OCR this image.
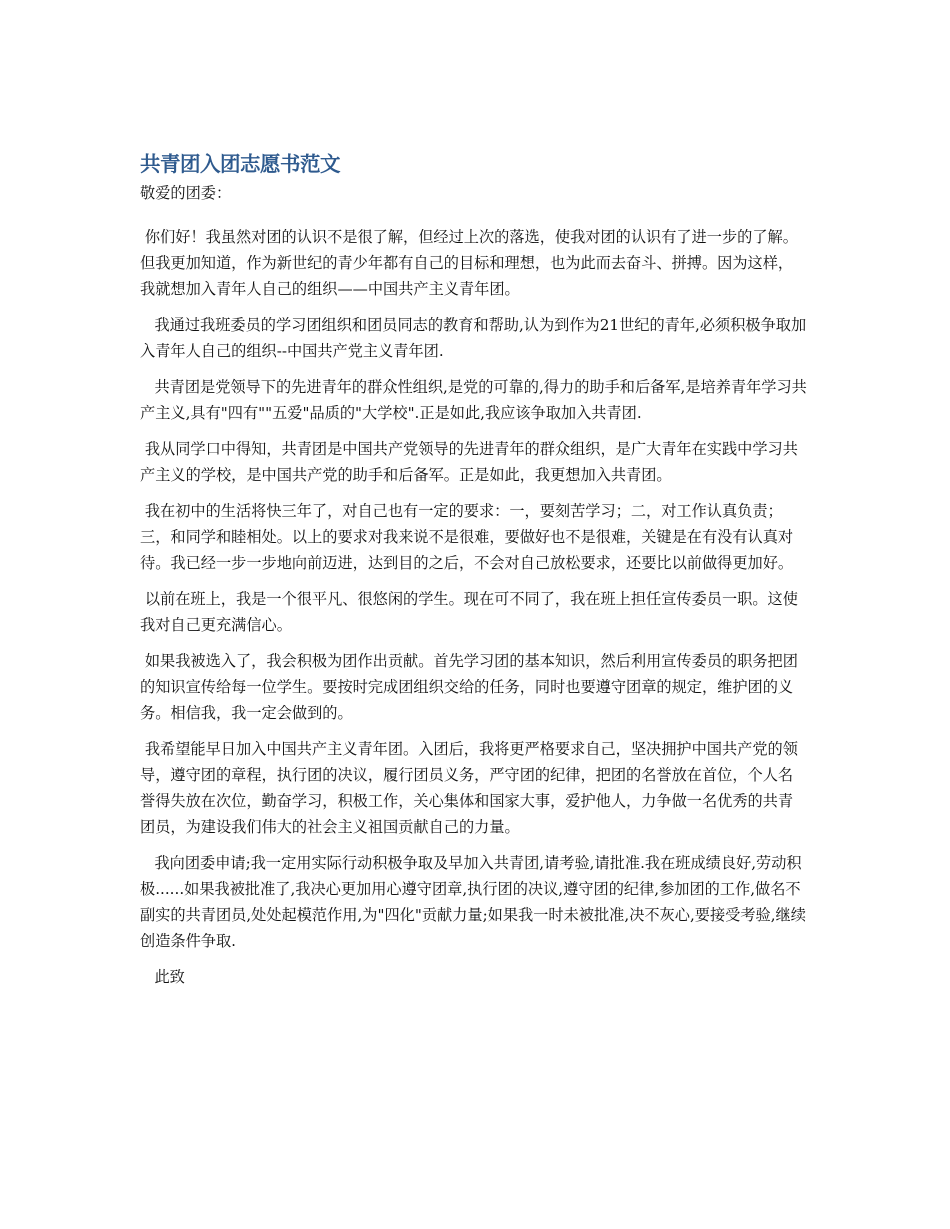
共青团入团志愿书范文
敬爱的团委：

你们好！我虽然对团的认识不是很了解，但经过上次的落选，使我对团的认识有了进一步的了解。但我更加知道，作为新世纪的青少年都有自己的目标和理想，也为此而去奋斗、拼搏。因为这样，我就想加入青年人自己的组织——中国共产主义青年团。

我通过我班委员的学习团组织和团员同志的教育和帮助,认为到作为21世纪的青年,必须积极争取加入青年人自己的组织--中国共产党主义青年团.

共青团是党领导下的先进青年的群众性组织,是党的可靠的,得力的助手和后备军,是培养青年学习共产主义,具有"四有""五爱"品质的"大学校".正是如此,我应该争取加入共青团.

我从同学口中得知，共青团是中国共产党领导的先进青年的群众组织，是广大青年在实践中学习共产主义的学校，是中国共产党的助手和后备军。正是如此，我更想加入共青团。

我在初中的生活将快三年了，对自己也有一定的要求：一，要刻苦学习；二，对工作认真负责；三，和同学和睦相处。以上的要求对我来说不是很难，要做好也不是很难，关键是在有没有认真对待。我已经一步一步地向前迈进，达到目的之后，不会对自己放松要求，还要比以前做得更加好。

以前在班上，我是一个很平凡、很悠闲的学生。现在可不同了，我在班上担任宣传委员一职。这使我对自己更充满信心。

如果我被选入了，我会积极为团作出贡献。首先学习团的基本知识，然后利用宣传委员的职务把团的知识宣传给每一位学生。要按时完成团组织交给的任务，同时也要遵守团章的规定，维护团的义务。相信我，我一定会做到的。

我希望能早日加入中国共产主义青年团。入团后，我将更严格要求自己，坚决拥护中国共产党的领导，遵守团的章程，执行团的决议，履行团员义务，严守团的纪律，把团的名誉放在首位，个人名誉得失放在次位，勤奋学习，积极工作，关心集体和国家大事，爱护他人，力争做一名优秀的共青团员，为建设我们伟大的社会主义祖国贡献自己的力量。

我向团委申请;我一定用实际行动积极争取及早加入共青团,请考验,请批准.我在班成绩良好,劳动积极......如果我被批准了,我决心更加用心遵守团章,执行团的决议,遵守团的纪律,参加团的工作,做名不副实的共青团员,处处起模范作用,为"四化"贡献力量;如果我一时未被批准,决不灰心,要接受考验,继续创造条件争取.

此致
